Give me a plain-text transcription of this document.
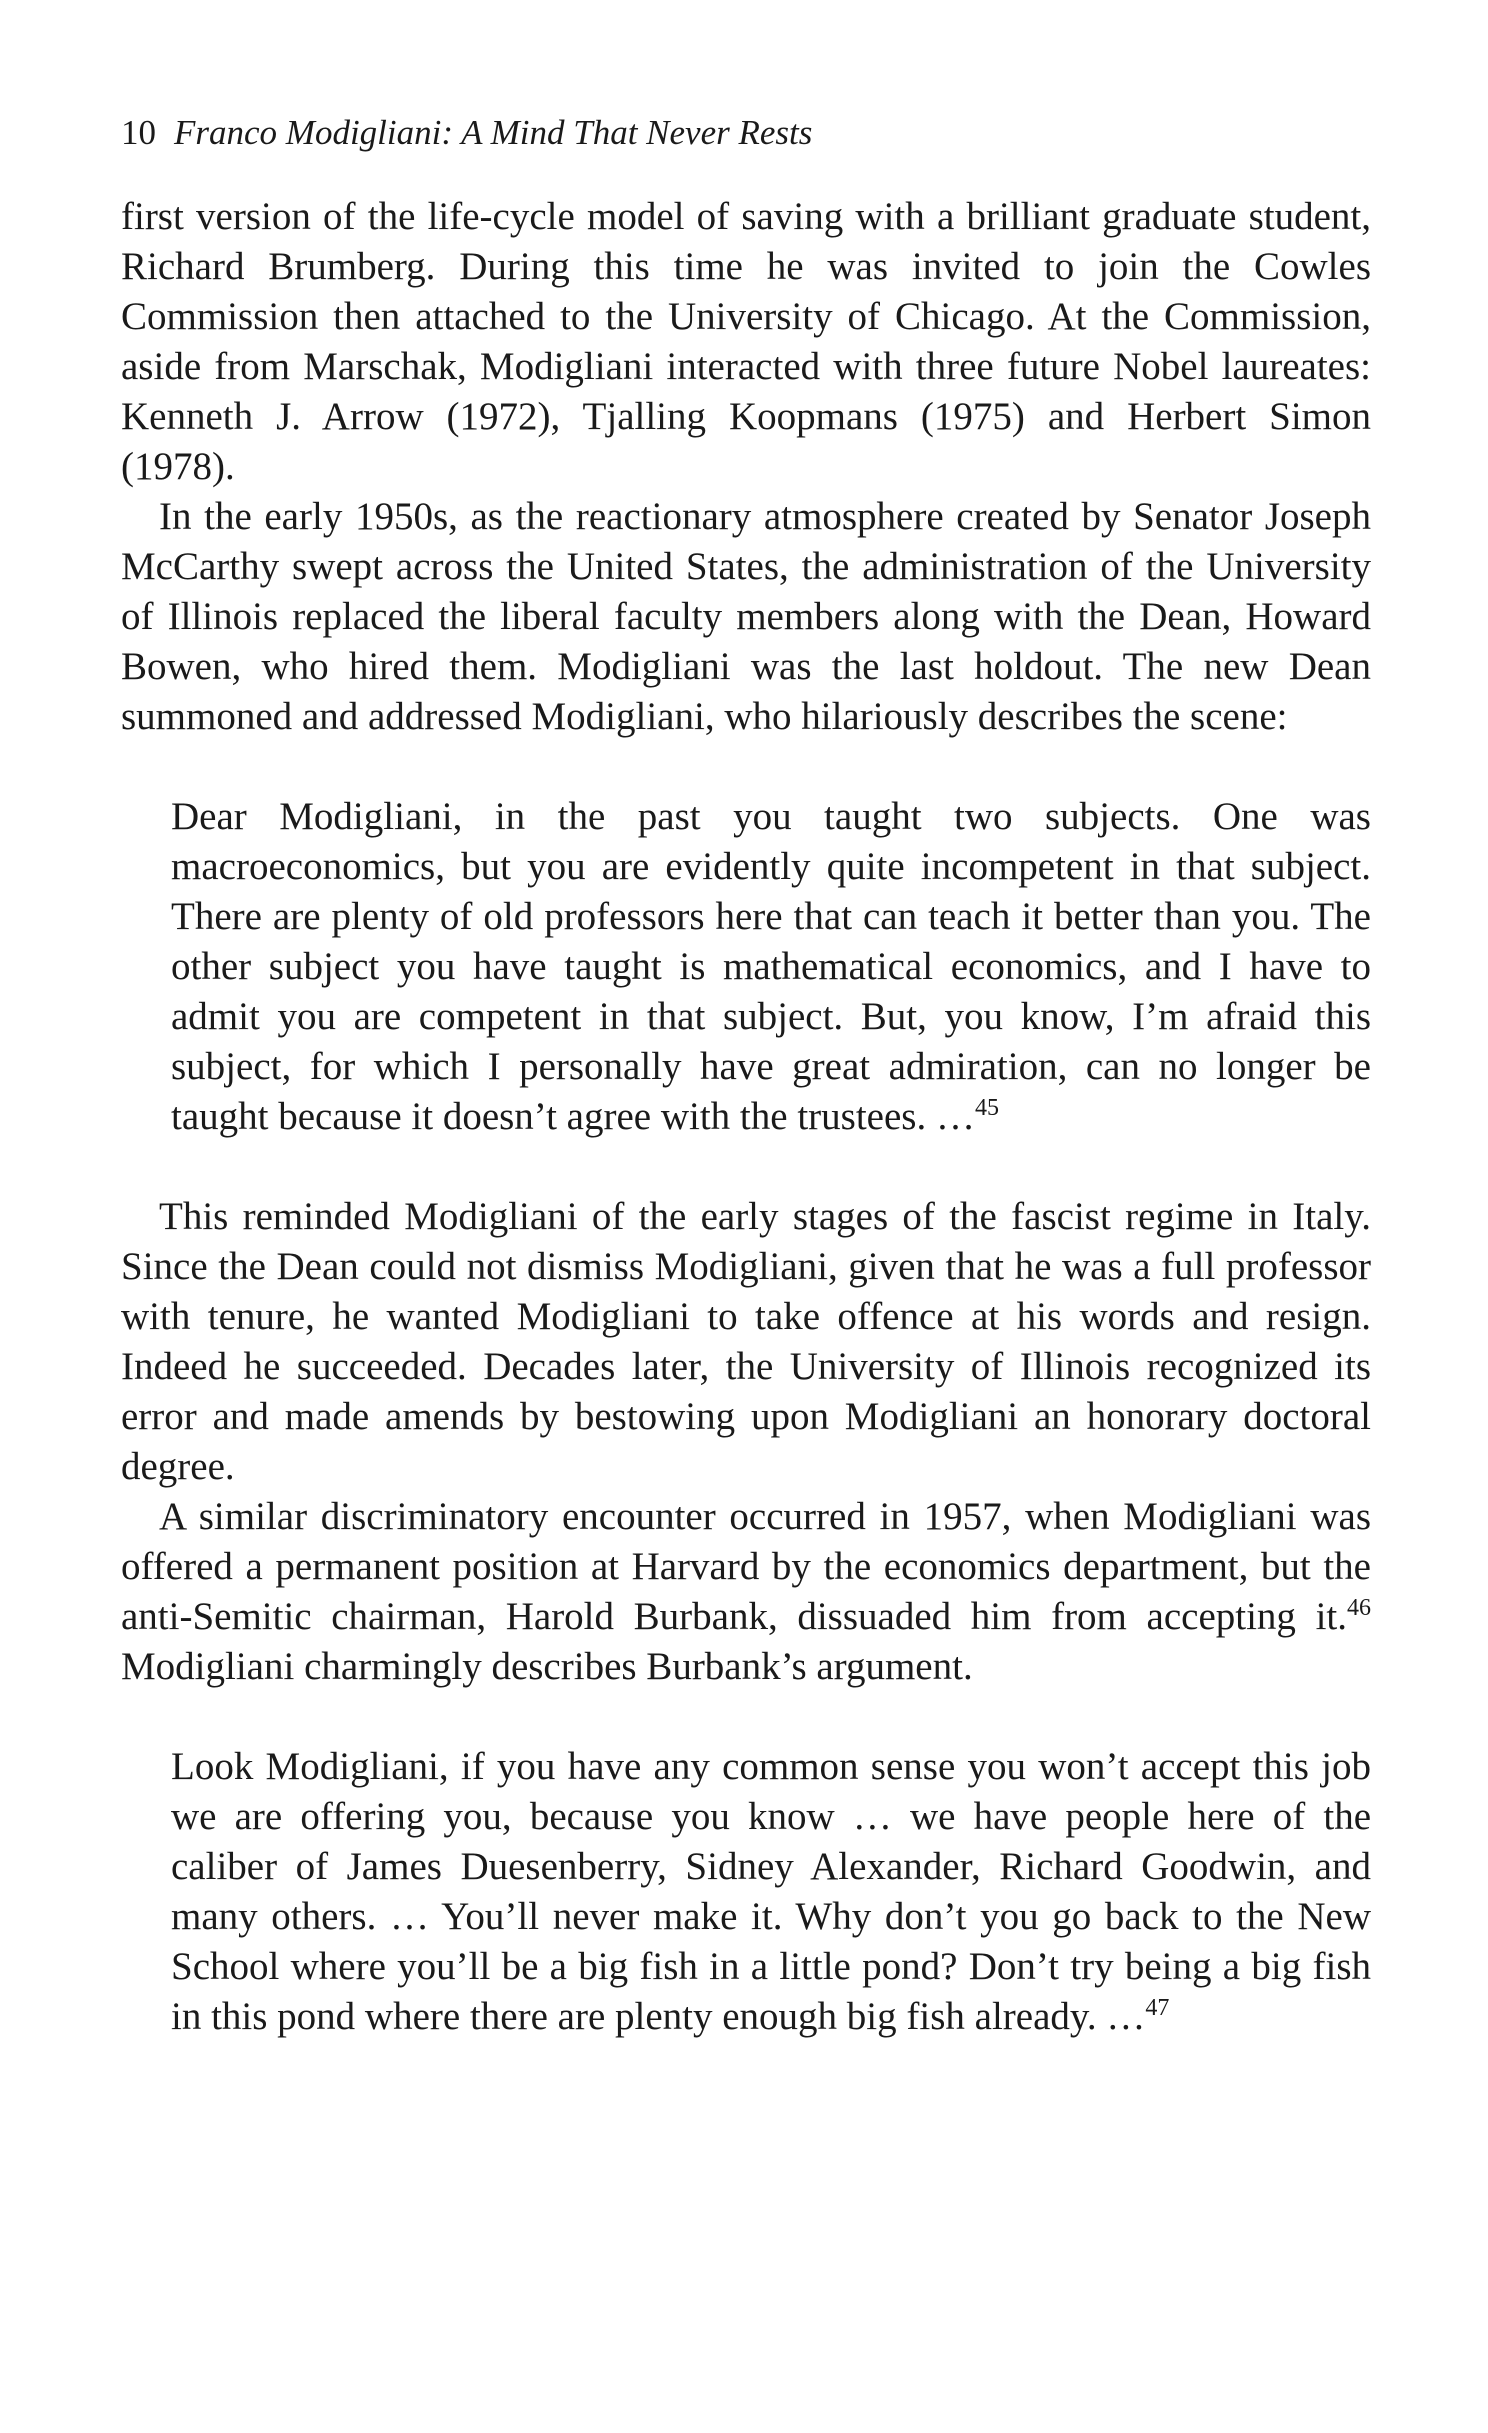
10 Franco Modigliani: A Mind That Never Rests

first version of the life-cycle model of saving with a brilliant graduate student, Richard Brumberg. During this time he was invited to join the Cowles Commission then attached to the University of Chicago. At the Commission, aside from Marschak, Modigliani interacted with three future Nobel laureates: Kenneth J. Arrow (1972), Tjalling Koopmans (1975) and Herbert Simon (1978).

In the early 1950s, as the reactionary atmosphere created by Senator Joseph McCarthy swept across the United States, the administration of the University of Illinois replaced the liberal faculty members along with the Dean, Howard Bowen, who hired them. Modigliani was the last holdout. The new Dean summoned and addressed Modigliani, who hilariously describes the scene:

Dear Modigliani, in the past you taught two subjects. One was macroeconomics, but you are evidently quite incompetent in that subject. There are plenty of old professors here that can teach it better than you. The other subject you have taught is mathematical economics, and I have to admit you are competent in that subject. But, you know, I’m afraid this subject, for which I personally have great admiration, can no longer be taught because it doesn’t agree with the trustees. …$^{45}$

This reminded Modigliani of the early stages of the fascist regime in Italy. Since the Dean could not dismiss Modigliani, given that he was a full professor with tenure, he wanted Modigliani to take offence at his words and resign. Indeed he succeeded. Decades later, the University of Illinois recognized its error and made amends by bestowing upon Modigliani an honorary doctoral degree.

A similar discriminatory encounter occurred in 1957, when Modigliani was offered a permanent position at Harvard by the economics department, but the anti-Semitic chairman, Harold Burbank, dissuaded him from accepting it.$^{46}$ Modigliani charmingly describes Burbank’s argument.

Look Modigliani, if you have any common sense you won’t accept this job we are offering you, because you know … we have people here of the caliber of James Duesenberry, Sidney Alexander, Richard Goodwin, and many others. … You’ll never make it. Why don’t you go back to the New School where you’ll be a big fish in a little pond? Don’t try being a big fish in this pond where there are plenty enough big fish already. …$^{47}$
